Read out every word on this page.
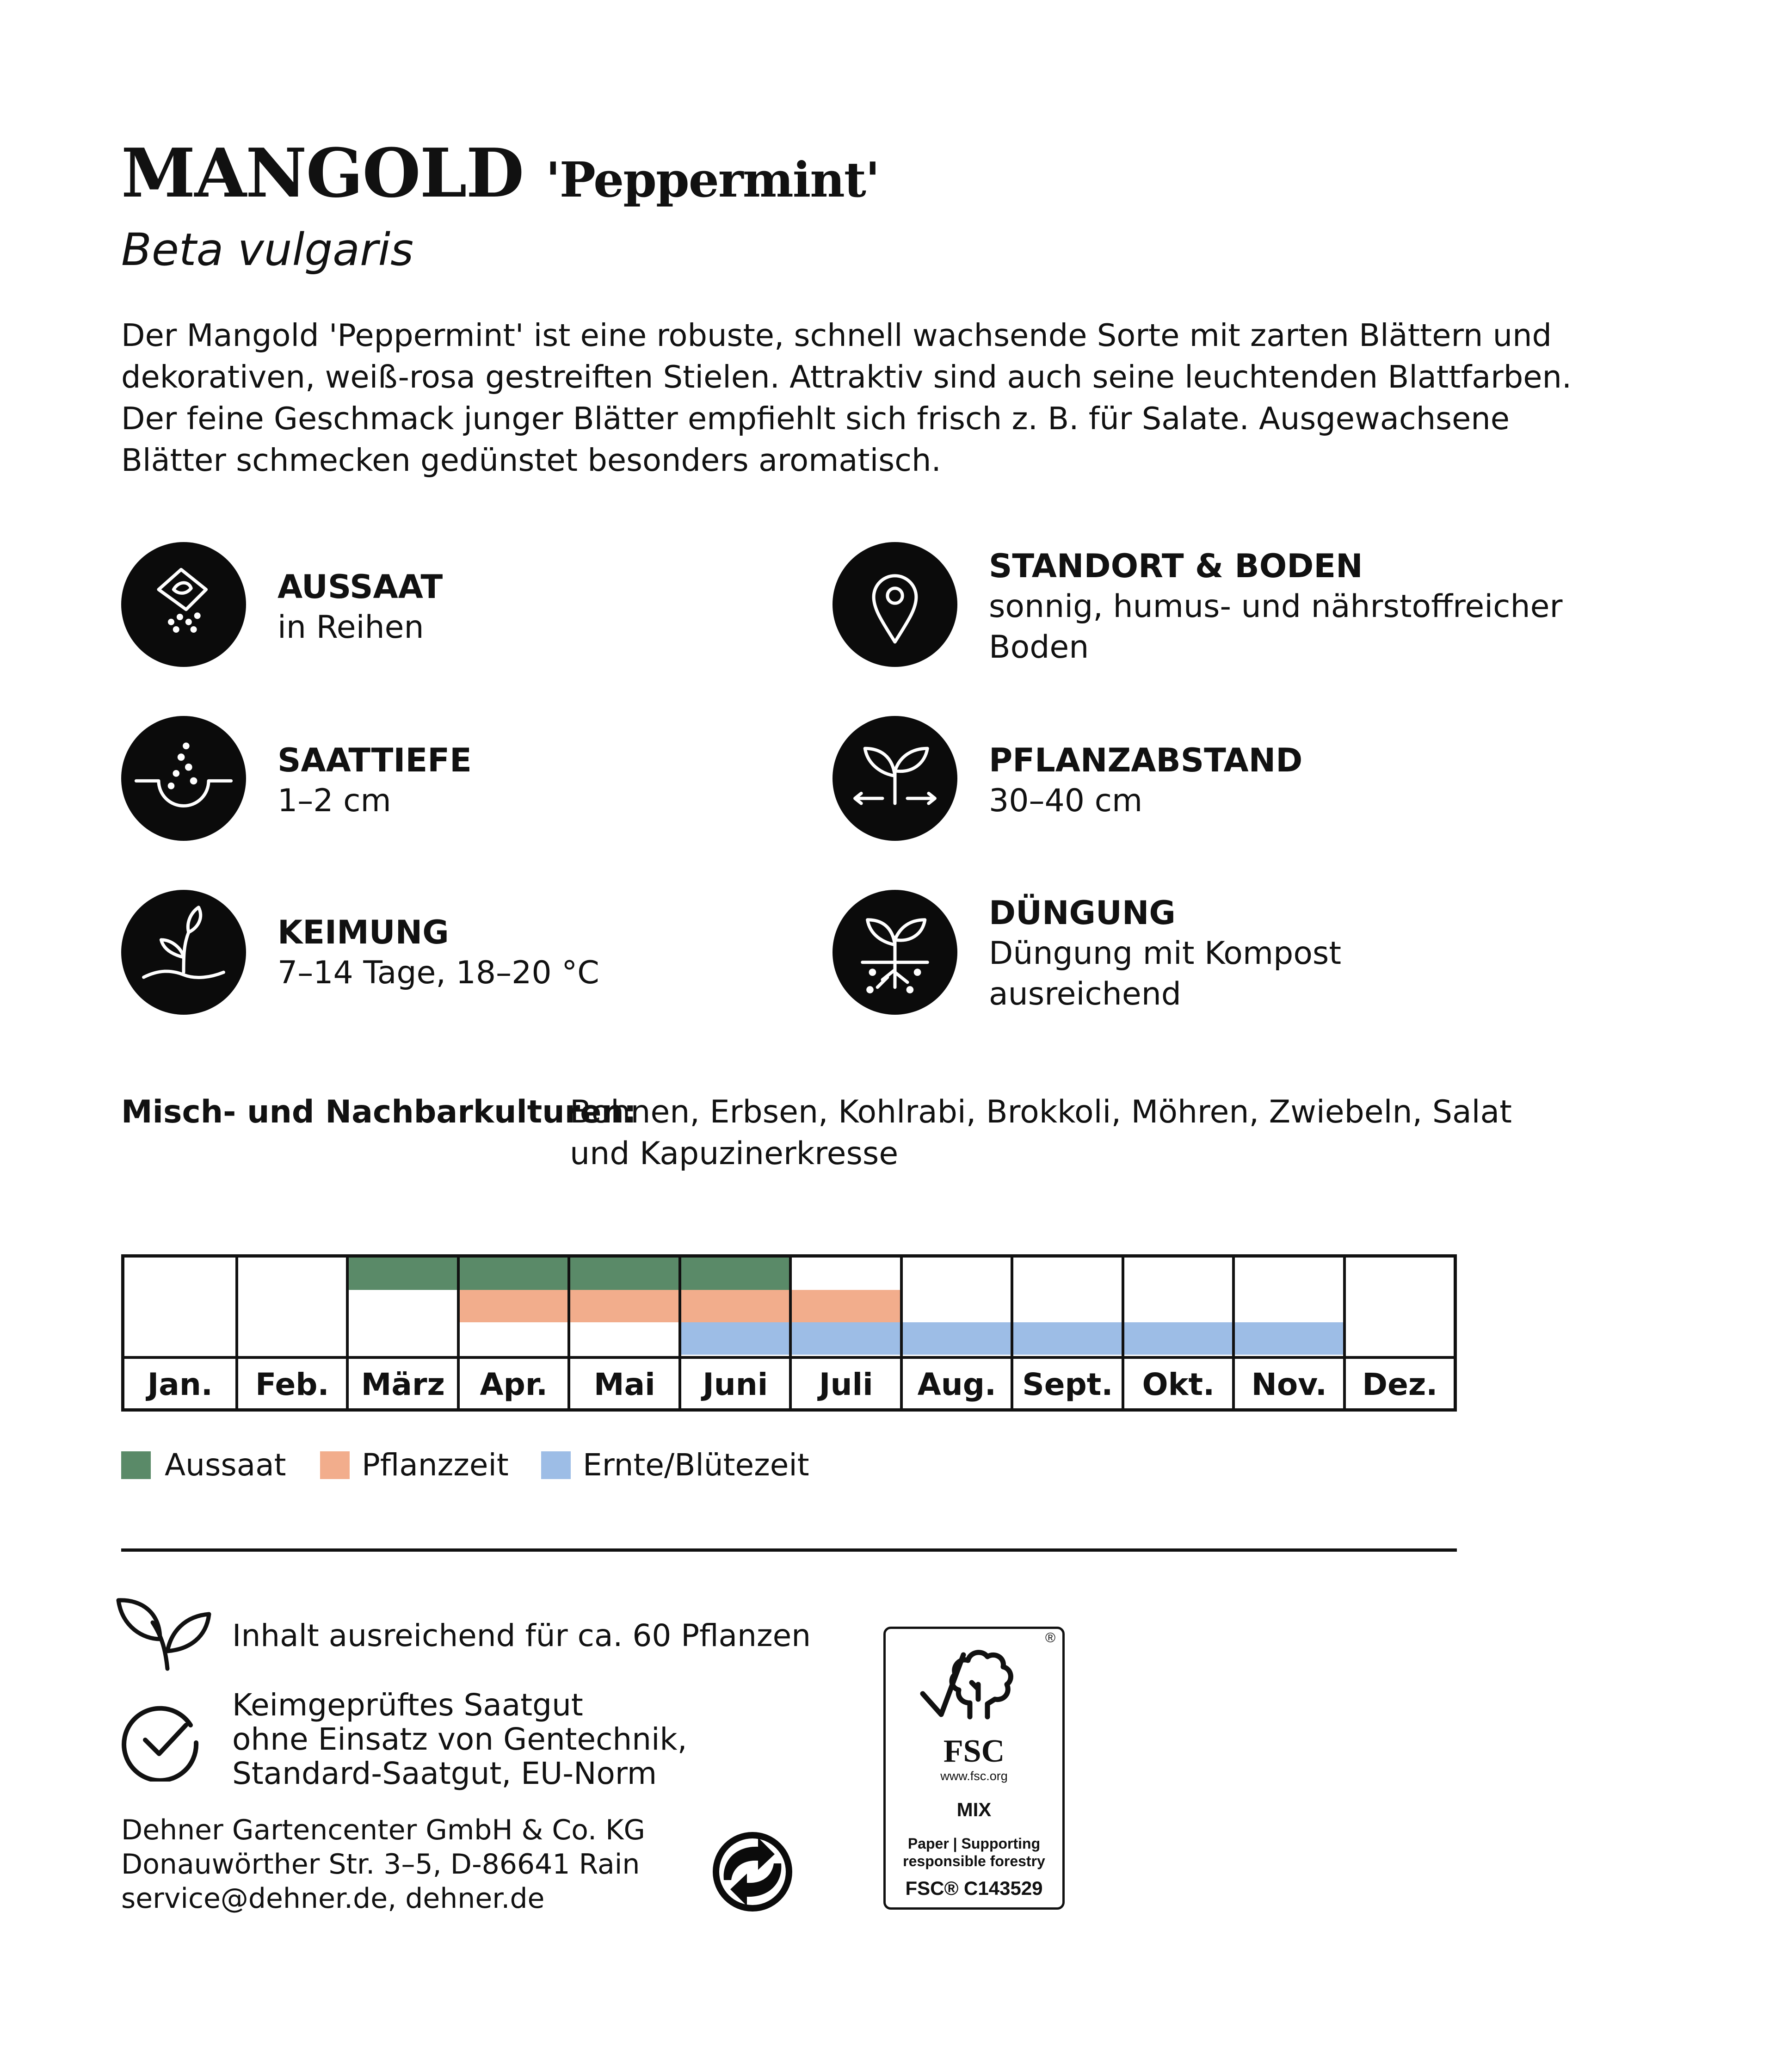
MANGOLD 'Peppermint'
Beta vulgaris
Der Mangold 'Peppermint' ist eine robuste, schnell wachsende Sorte mit zarten Blättern und
dekorativen, weiß-rosa gestreiften Stielen. Attraktiv sind auch seine leuchtenden Blattfarben.
Der feine Geschmack junger Blätter empfiehlt sich frisch z. B. für Salate. Ausgewachsene
Blätter schmecken gedünstet besonders aromatisch.
AUSSAAT
in Reihen
STANDORT & BODEN
sonnig, humus- und nährstoffreicher
Boden
SAATTIEFE
1–2 cm
PFLANZABSTAND
30–40 cm
KEIMUNG
7–14 Tage, 18–20 °C
DÜNGUNG
Düngung mit Kompost
ausreichend
Misch- und Nachbarkulturen:
Bohnen, Erbsen, Kohlrabi, Brokkoli, Möhren, Zwiebeln, Salat
und Kapuzinerkresse
Jan.	Feb.	März	Apr.	Mai	Juni	Juli	Aug. Sept. Okt.	Nov.	Dez.
Aussaat Pflanzzeit Ernte/Blütezeit
Inhalt ausreichend für ca. 60 Pflanzen
Keimgeprüftes Saatgut
ohne Einsatz von Gentechnik,
Standard-Saatgut, EU-Norm
Dehner Gartencenter GmbH & Co. KG
Donauwörther Str. 3–5, D-86641 Rain
service@dehner.de, dehner.de
®
FSC
www.fsc.org
MIX
Paper | Supporting
responsible forestry
FSC® C143529
